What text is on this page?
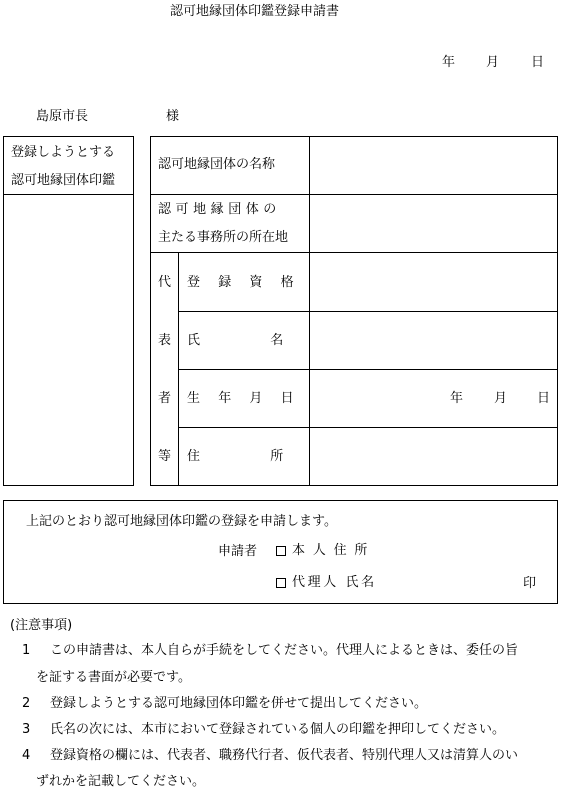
認可地縁団体印鑑登録申請書
年 月 日
島原市長	様
登録しようとする
認可地縁団体印鑑
認可地縁団体の名称
認可地縁団体の
主たる事務所の所在地
代
表
者
等
登録資格
氏名
生年月日	年 月 日
住所
上記のとおり認可地縁団体印鑑の登録を申請します。
申請者	本人住所
代理人 氏名	印
(注意事項)
1 この申請書は、本人自らが手続をしてください。代理人によるときは、委任の旨
を証する書面が必要です。
2 登録しようとする認可地縁団体印鑑を併せて提出してください。
3 氏名の次には、本市において登録されている個人の印鑑を押印してください。
4 登録資格の欄には、代表者、職務代行者、仮代表者、特別代理人又は清算人のい
ずれかを記載してください。
